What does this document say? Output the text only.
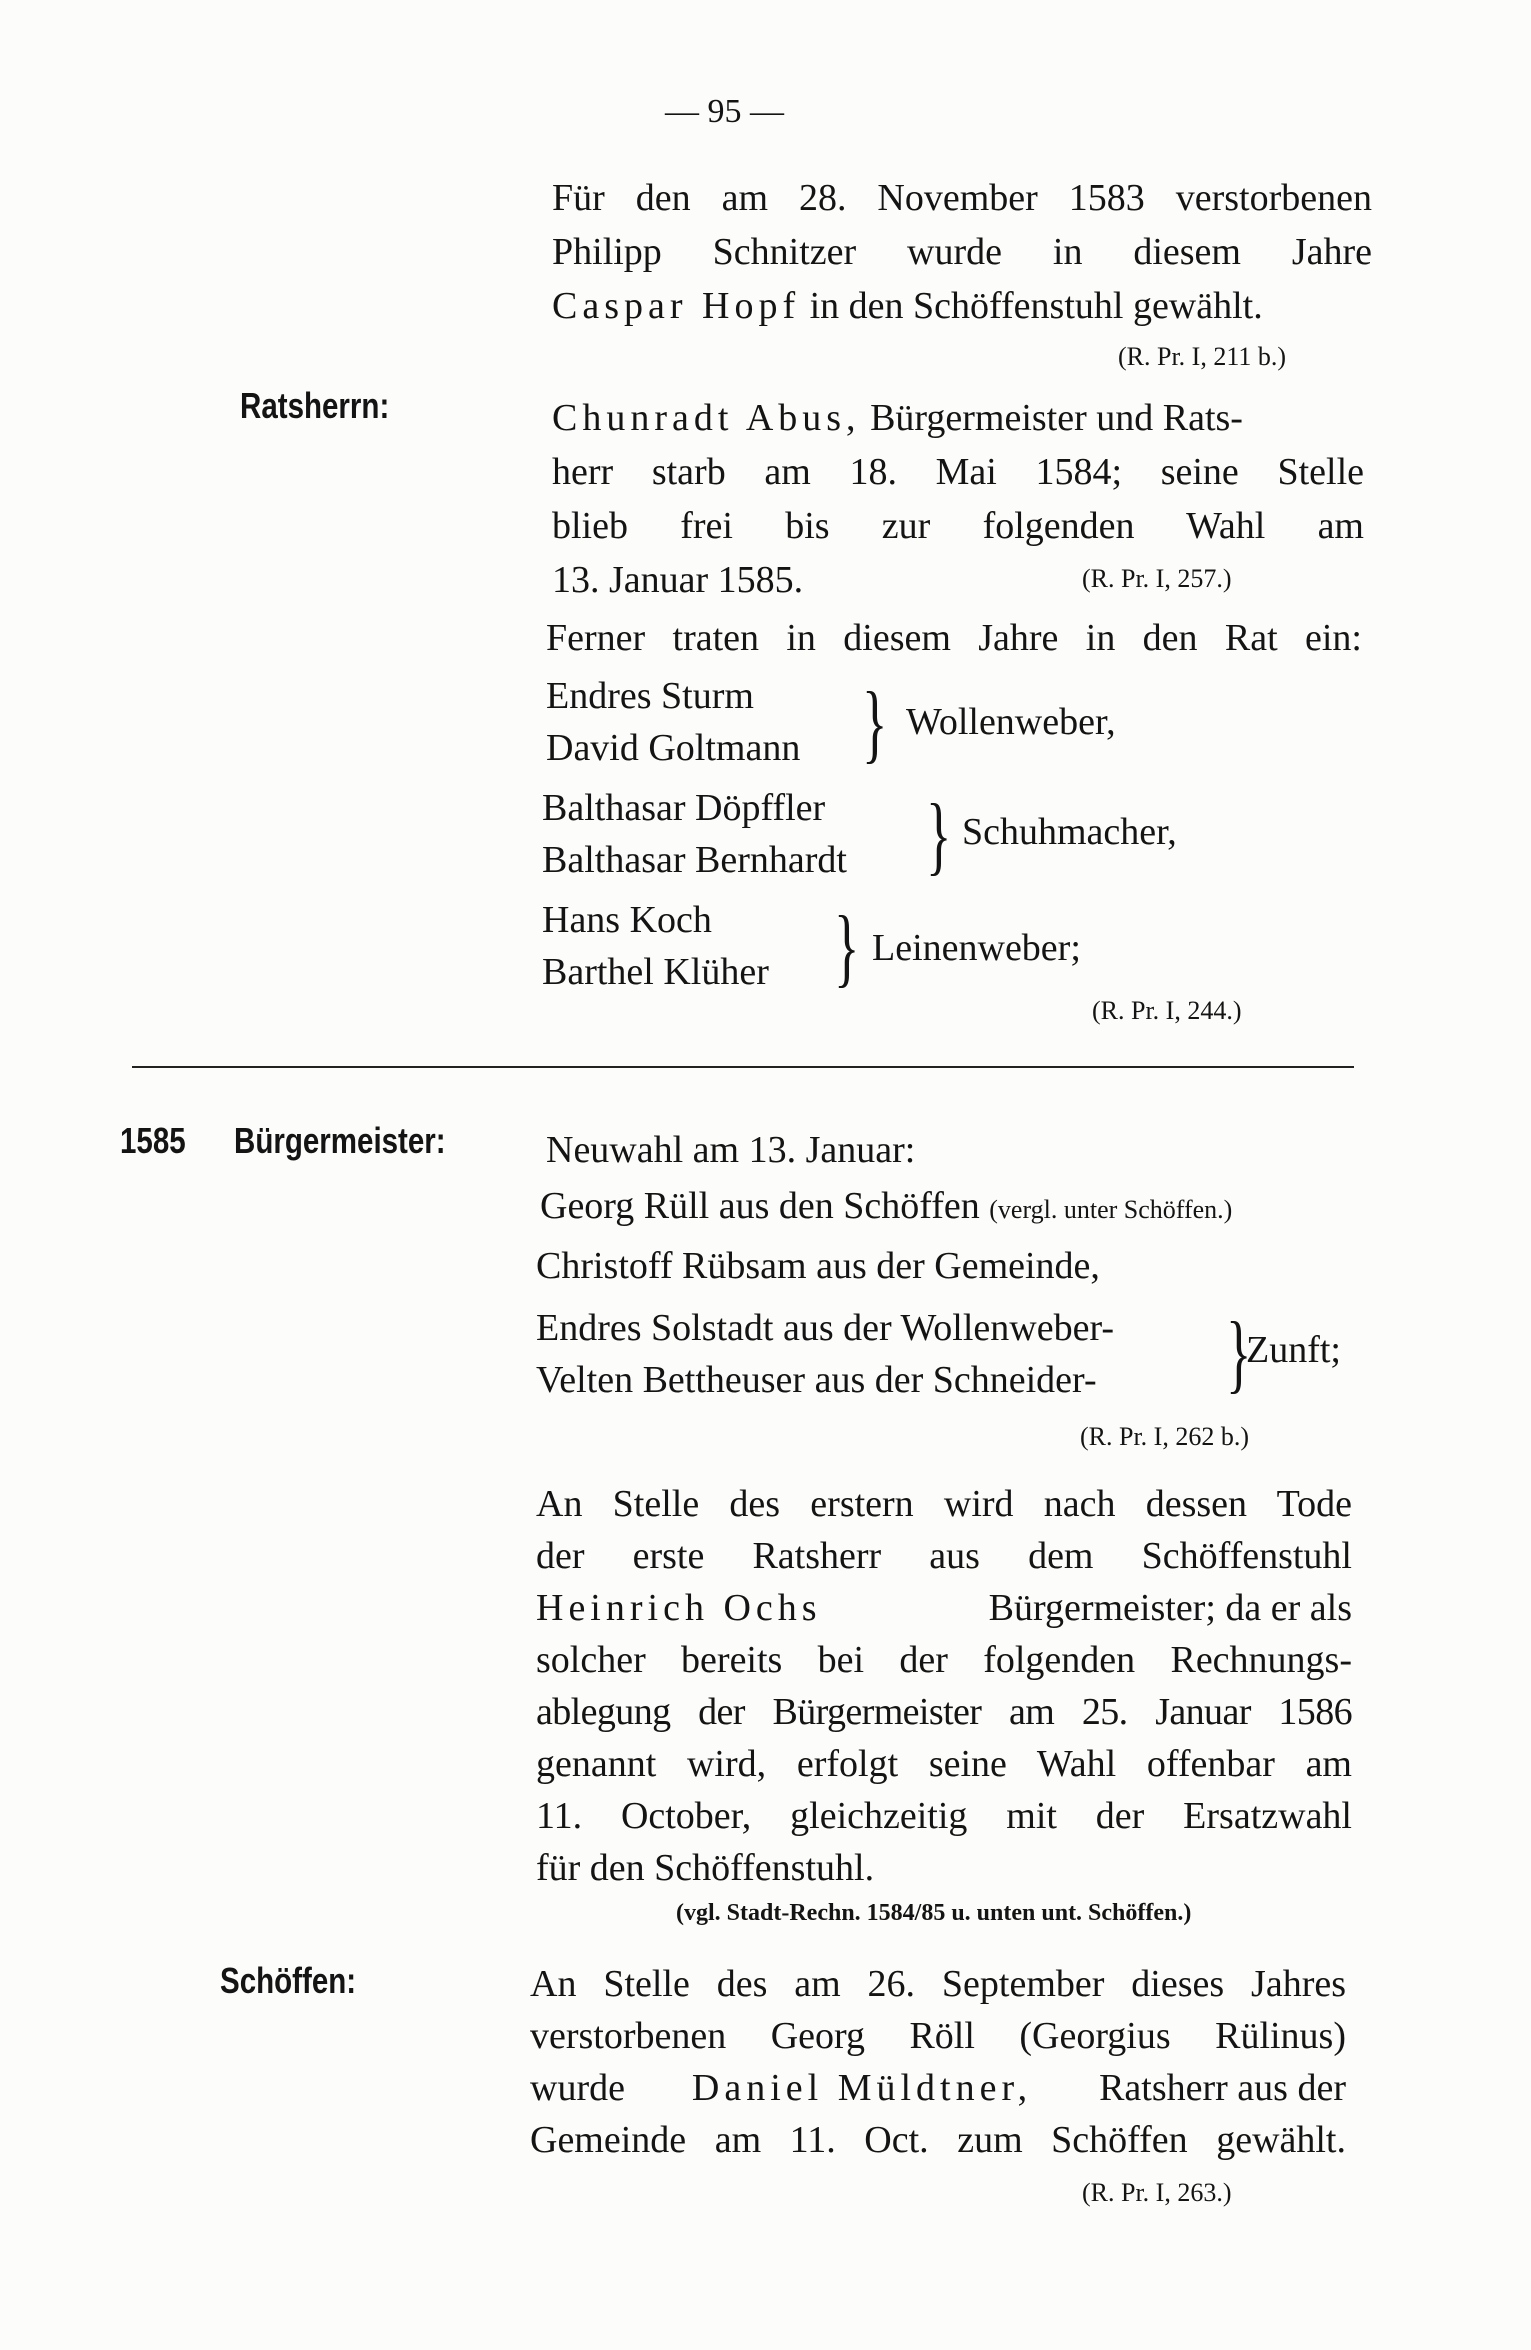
— 95 —
Für den am 28. November 1583 verstorbenen
Philipp Schnitzer wurde in diesem Jahre
Caspar Hopf in den Schöffenstuhl gewählt.
(R. Pr. I, 211 b.)
Ratsherrn:	Chunradt Abus, Bürgermeister und Rats-
herr starb am 18. Mai 1584; seine Stelle
blieb frei bis zur folgenden Wahl am
13. Januar 1585.	(R. Pr. I, 257.)
Ferner traten in diesem Jahre in den Rat ein:
Endres Sturm
David Goltmann } Wollenweber,
Balthasar Döpffler
Balthasar Bernhardt } Schuhmacher,
Hans Koch
Barthel Klüher } Leinenweber;
(R. Pr. I, 244.)
1585 Bürgermeister:	Neuwahl am 13. Januar:
Georg Rüll aus den Schöffen (vergl. unter Schöffen.)
Christoff Rübsam aus der Gemeinde,
Endres Solstadt aus der Wollenweber-
Velten Bettheuser aus der Schneider- }
Zunft;
(R. Pr. I, 262 b.)
An Stelle des erstern wird nach dessen Tode
der erste Ratsherr aus dem Schöffenstuhl
Heinrich Ochs	Bürgermeister; da er als
solcher bereits bei der folgenden Rechnungs-
ablegung der Bürgermeister am 25. Januar 1586
genannt wird, erfolgt seine Wahl offenbar am
11. October, gleichzeitig mit der Ersatzwahl
für den Schöffenstuhl.
(vgl. Stadt-Rechn. 1584/85 u. unten unt. Schöffen.)
Schöffen:	An Stelle des am 26. September dieses Jahres
verstorbenen Georg Röll (Georgius Rülinus)
wurde Daniel Müldtner, Ratsherr aus der
Gemeinde am 11. Oct. zum Schöffen gewählt.
(R. Pr. I, 263.)
